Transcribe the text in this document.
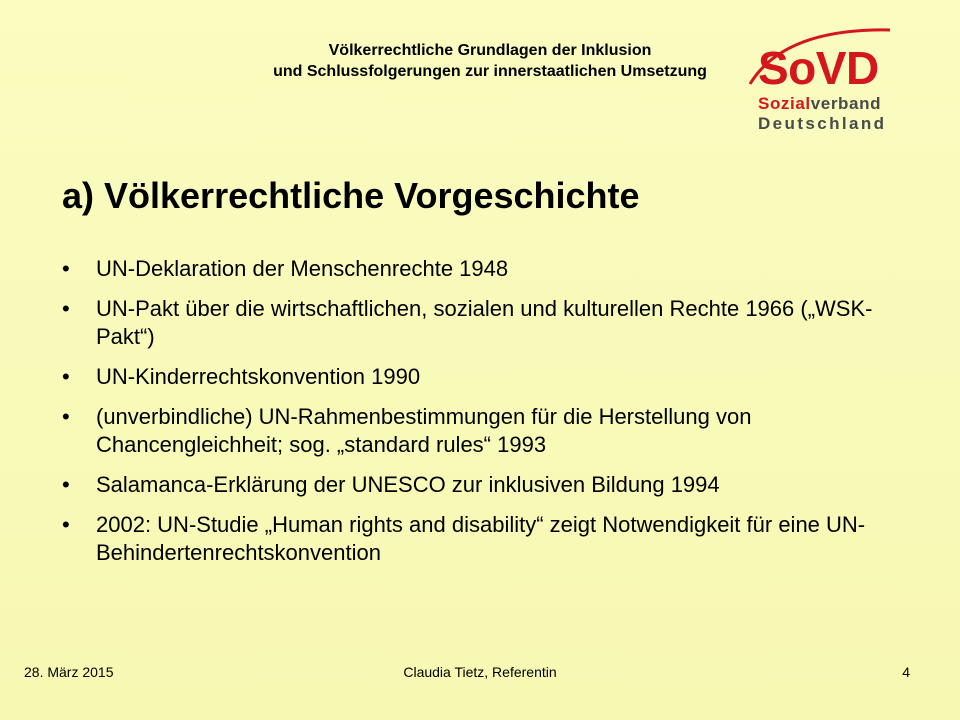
Völkerrechtliche Grundlagen der Inklusion
und Schlussfolgerungen zur innerstaatlichen Umsetzung	SoVD
Sozialverband
Deutschland
a) Völkerrechtliche Vorgeschichte
• UN-Deklaration der Menschenrechte 1948
• UN-Pakt über die wirtschaftlichen, sozialen und kulturellen Rechte 1966 („WSK-Pakt“)
• UN-Kinderrechtskonvention 1990
• (unverbindliche) UN-Rahmenbestimmungen für die Herstellung von Chancengleichheit; sog. „standard rules“ 1993
• Salamanca-Erklärung der UNESCO zur inklusiven Bildung 1994
• 2002: UN-Studie „Human rights and disability“ zeigt Notwendigkeit für eine UN-Behindertenrechtskonvention
28. März 2015	Claudia Tietz, Referentin	4
